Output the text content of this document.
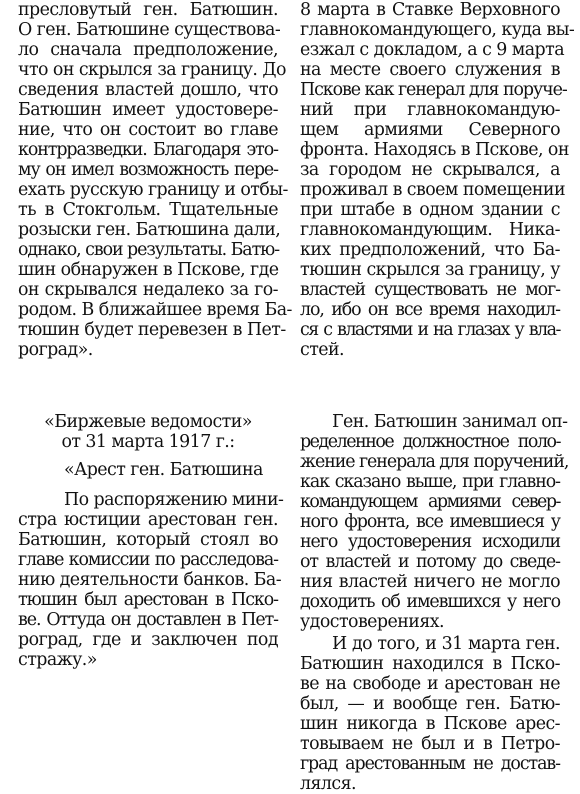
пресловутый ген. Батюшин.
О ген. Батюшине существова-
ло сначала предположение,
что он скрылся за границу. До
сведения властей дошло, что
Батюшин имеет удостовере-
ние, что он состоит во главе
контрразведки. Благодаря это-
му он имел возможность пере-
ехать русскую границу и отбы-
ть в Стокгольм. Тщательные
розыски ген. Батюшина дали,
однако, свои результаты. Батю-
шин обнаружен в Пскове, где
он скрывался недалеко за го-
родом. В ближайшее время Ба-
тюшин будет перевезен в Пет-
роград».
8 марта в Ставке Верховного
главнокомандующего, куда вы-
езжал с докладом, а с 9 марта
на месте своего служения в
Пскове как генерал для поруче-
ний при главнокомандую-
щем армиями Северного
фронта. Находясь в Пскове, он
за городом не скрывался, а
проживал в своем помещении
при штабе в одном здании с
главнокомандующим. Ника-
ких предположений, что Ба-
тюшин скрылся за границу, у
властей существовать не мог-
ло, ибо он все время находил-
ся с властями и на глазах у вла-
стей.
«Биржевые ведомости»
от 31 марта 1917 г.:
«Арест ген. Батюшина
По распоряжению мини-
стра юстиции арестован ген.
Батюшин, который стоял во
главе комиссии по расследова-
нию деятельности банков. Ба-
тюшин был арестован в Пско-
ве. Оттуда он доставлен в Пет-
роград, где и заключен под
стражу.»
Ген. Батюшин занимал оп-
ределенное должностное поло-
жение генерала для поручений,
как сказано выше, при главно-
командующем армиями север-
ного фронта, все имевшиеся у
него удостоверения исходили
от властей и потому до сведе-
ния властей ничего не могло
доходить об имевшихся у него
удостоверениях.
И до того, и 31 марта ген.
Батюшин находился в Пско-
ве на свободе и арестован не
был, — и вообще ген. Батю-
шин никогда в Пскове арес-
товываем не был и в Петро-
град арестованным не достав-
лялся.
